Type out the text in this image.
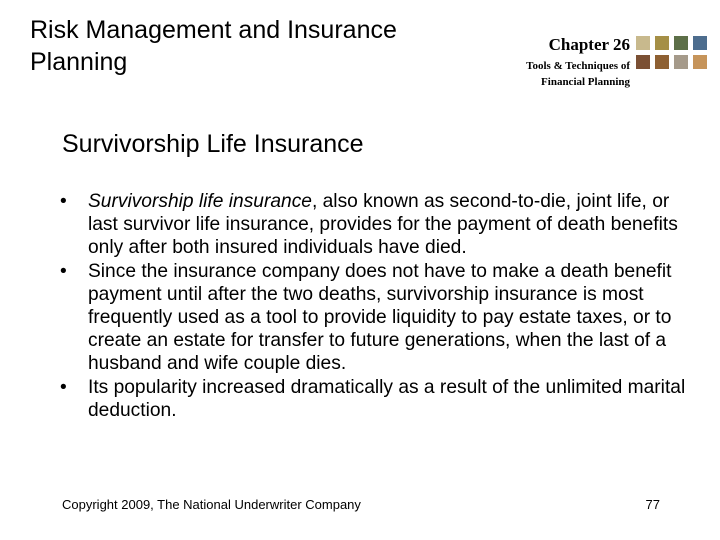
Risk Management and Insurance Planning
Chapter 26
Tools & Techniques of
Financial Planning
Survivorship Life Insurance
• Survivorship life insurance, also known as second-to-die, joint life, or last survivor life insurance, provides for the payment of death benefits only after both insured individuals have died.
• Since the insurance company does not have to make a death benefit payment until after the two deaths, survivorship insurance is most frequently used as a tool to provide liquidity to pay estate taxes, or to create an estate for transfer to future generations, when the last of a husband and wife couple dies.
• Its popularity increased dramatically as a result of the unlimited marital deduction.
Copyright 2009, The National Underwriter Company	77
